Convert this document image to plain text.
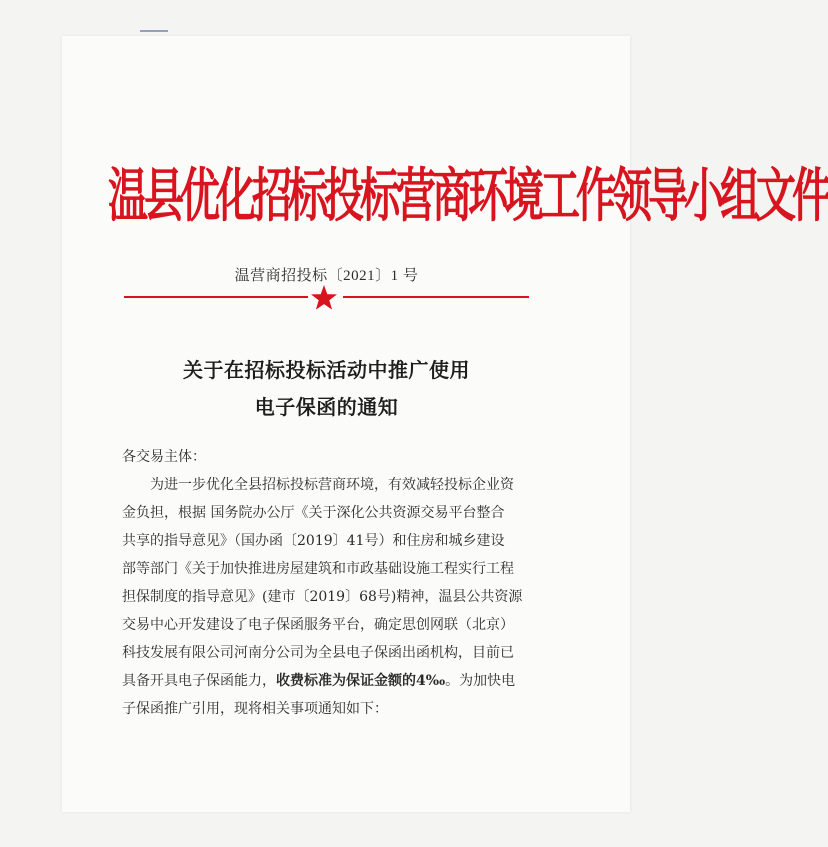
温县优化招标投标营商环境工作领导小组文件
温营商招投标〔2021〕1 号
关于在招标投标活动中推广使用
电子保函的通知
各交易主体：
为进一步优化全县招标投标营商环境，有效减轻投标企业资
金负担，根据 国务院办公厅《关于深化公共资源交易平台整合
共享的指导意见》（国办函〔2019〕41号）和住房和城乡建设
部等部门《关于加快推进房屋建筑和市政基础设施工程实行工程
担保制度的指导意见》(建市〔2019〕68号)精神，温县公共资源
交易中心开发建设了电子保函服务平台，确定思创网联（北京）
科技发展有限公司河南分公司为全县电子保函出函机构，目前已
具备开具电子保函能力，收费标准为保证金额的4‰。为加快电
子保函推广引用，现将相关事项通知如下：
